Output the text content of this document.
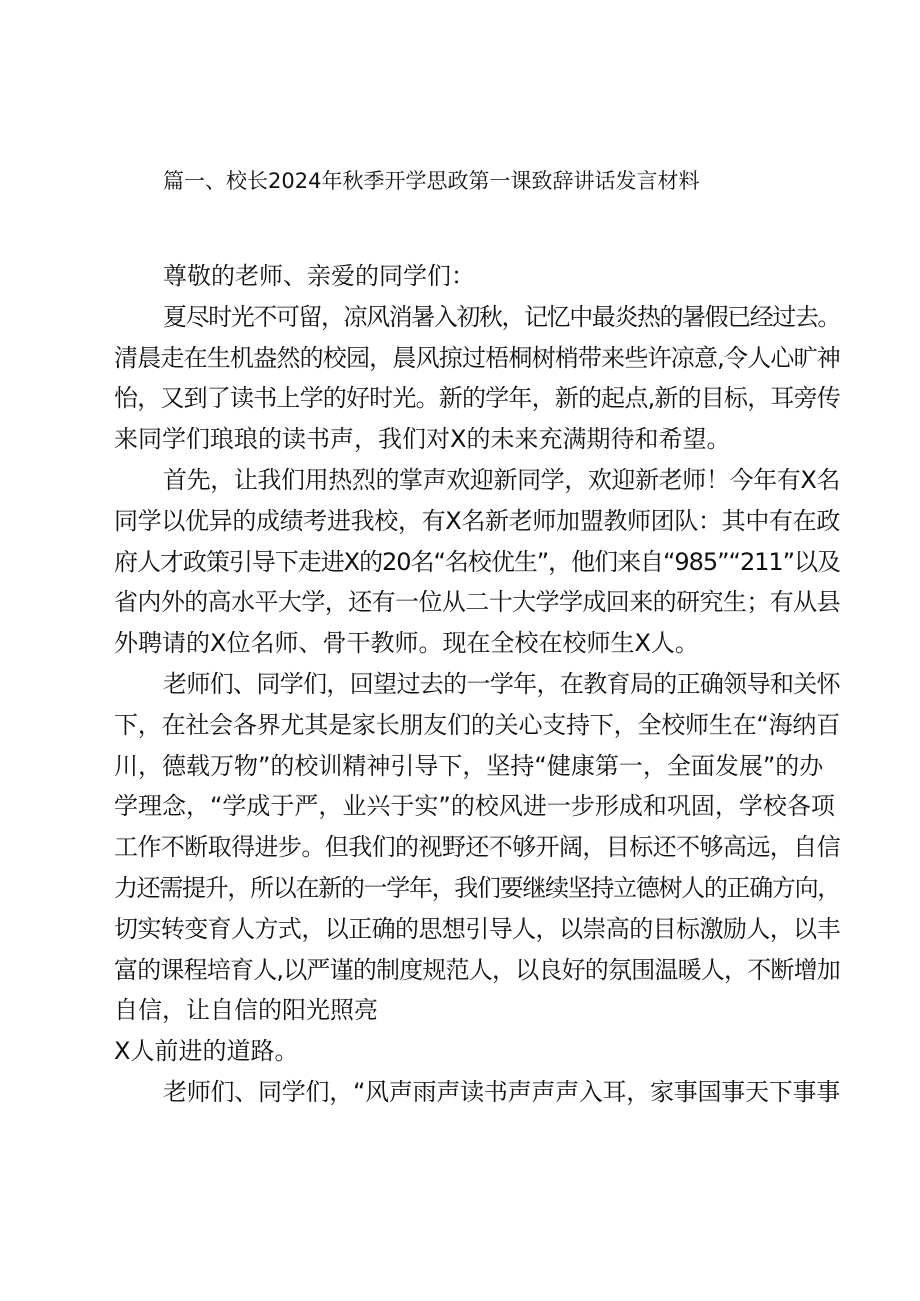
篇一、校长2024年秋季开学思政第一课致辞讲话发言材料
尊敬的老师、亲爱的同学们：
夏尽时光不可留，凉风消暑入初秋，记忆中最炎热的暑假已经过去。
清晨走在生机盎然的校园，晨风掠过梧桐树梢带来些许凉意,令人心旷神
怡，又到了读书上学的好时光。新的学年，新的起点,新的目标，耳旁传
来同学们琅琅的读书声，我们对X的未来充满期待和希望。
首先，让我们用热烈的掌声欢迎新同学，欢迎新老师！今年有X名
同学以优异的成绩考进我校，有X名新老师加盟教师团队：其中有在政
府人才政策引导下走进X的20名“名校优生”，他们来自“985”“211”以及
省内外的高水平大学，还有一位从二十大学学成回来的研究生；有从县
外聘请的X位名师、骨干教师。现在全校在校师生X人。
老师们、同学们，回望过去的一学年，在教育局的正确领导和关怀
下，在社会各界尤其是家长朋友们的关心支持下，全校师生在“海纳百
川，德载万物”的校训精神引导下，坚持“健康第一，全面发展”的办
学理念，“学成于严，业兴于实”的校风进一步形成和巩固，学校各项
工作不断取得进步。但我们的视野还不够开阔，目标还不够高远，自信
力还需提升，所以在新的一学年，我们要继续坚持立德树人的正确方向，
切实转变育人方式，以正确的思想引导人，以崇高的目标激励人，以丰
富的课程培育人,以严谨的制度规范人，以良好的氛围温暖人，不断增加
自信，让自信的阳光照亮
X人前进的道路。
老师们、同学们，“风声雨声读书声声声入耳，家事国事天下事事
